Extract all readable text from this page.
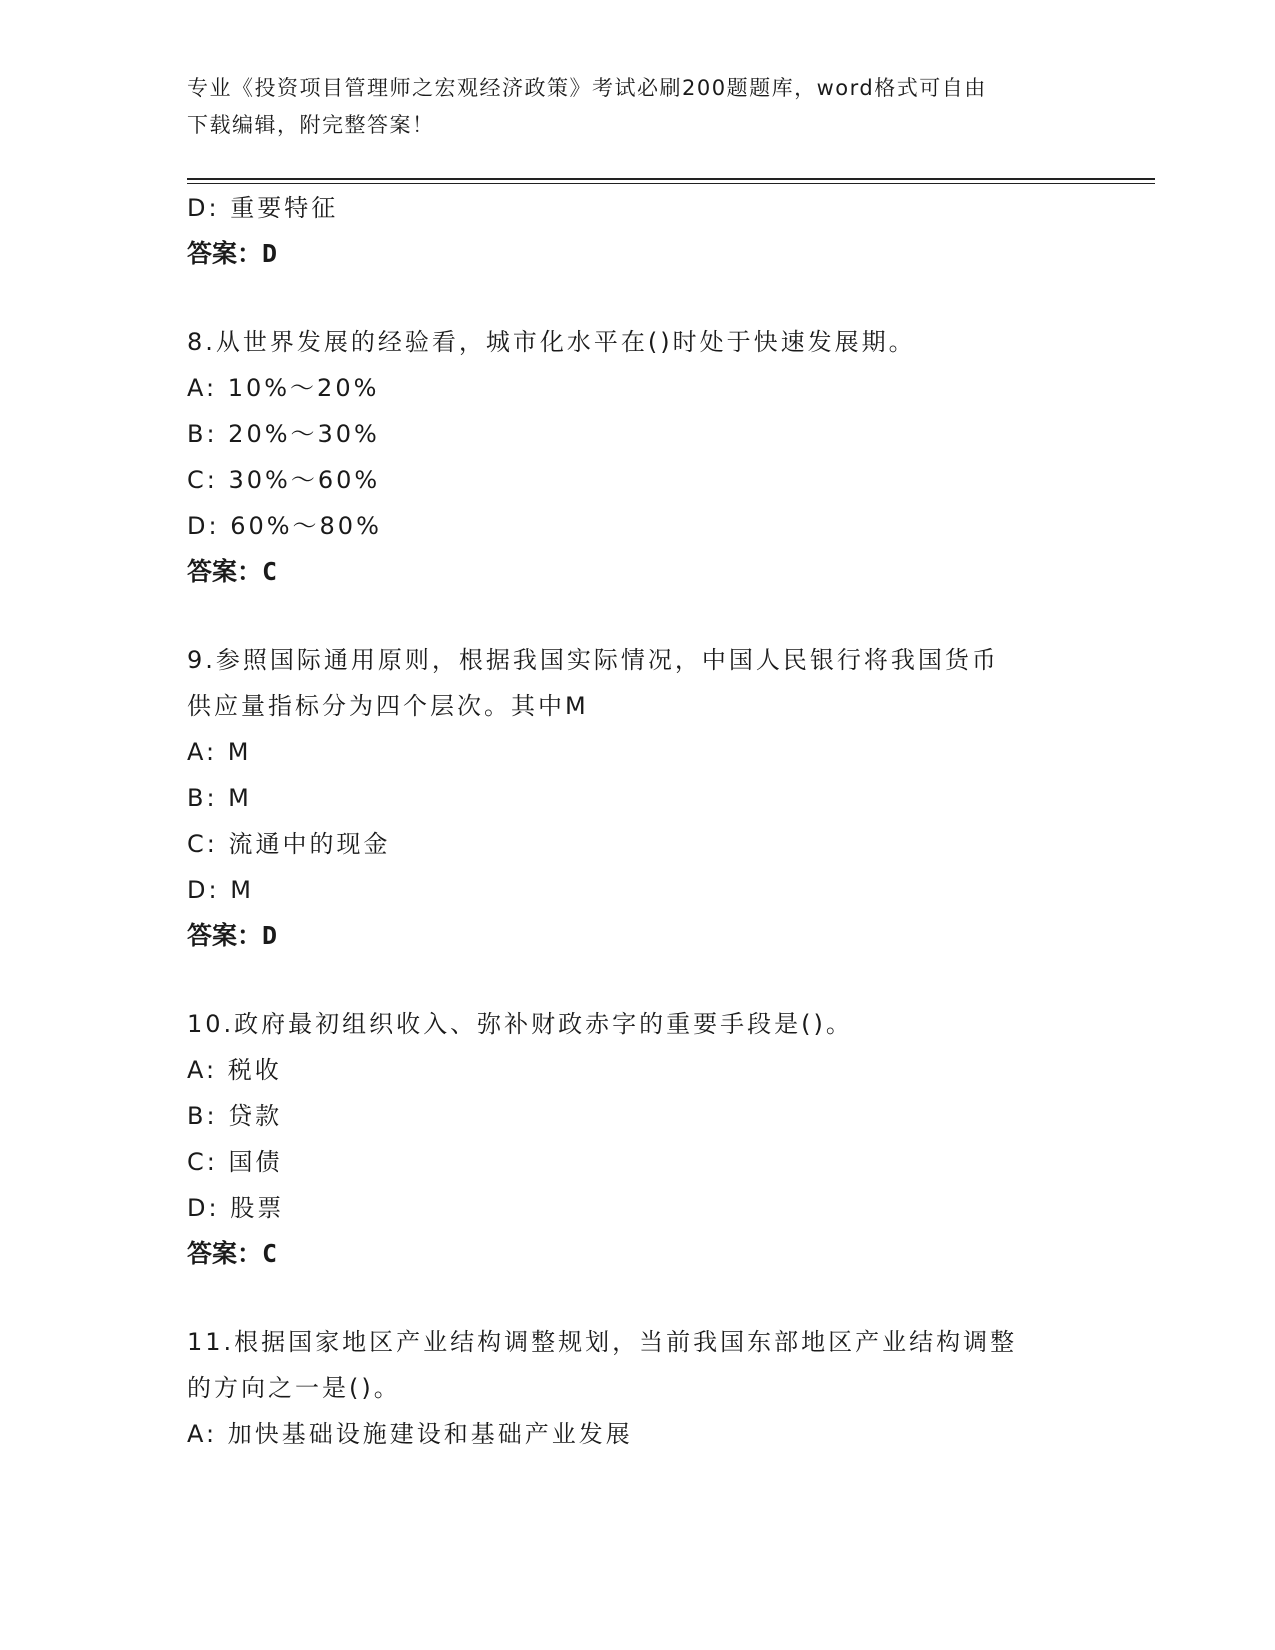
专业《投资项目管理师之宏观经济政策》考试必刷200题题库，word格式可自由
下载编辑，附完整答案！
D: 重要特征
答案：D
8.从世界发展的经验看，城市化水平在()时处于快速发展期。
A: 10%～20%
B: 20%～30%
C: 30%～60%
D: 60%～80%
答案：C
9.参照国际通用原则，根据我国实际情况，中国人民银行将我国货币
供应量指标分为四个层次。其中M
A: M
B: M
C: 流通中的现金
D: M
答案：D
10.政府最初组织收入、弥补财政赤字的重要手段是()。
A: 税收
B: 贷款
C: 国债
D: 股票
答案：C
11.根据国家地区产业结构调整规划，当前我国东部地区产业结构调整
的方向之一是()。
A: 加快基础设施建设和基础产业发展
